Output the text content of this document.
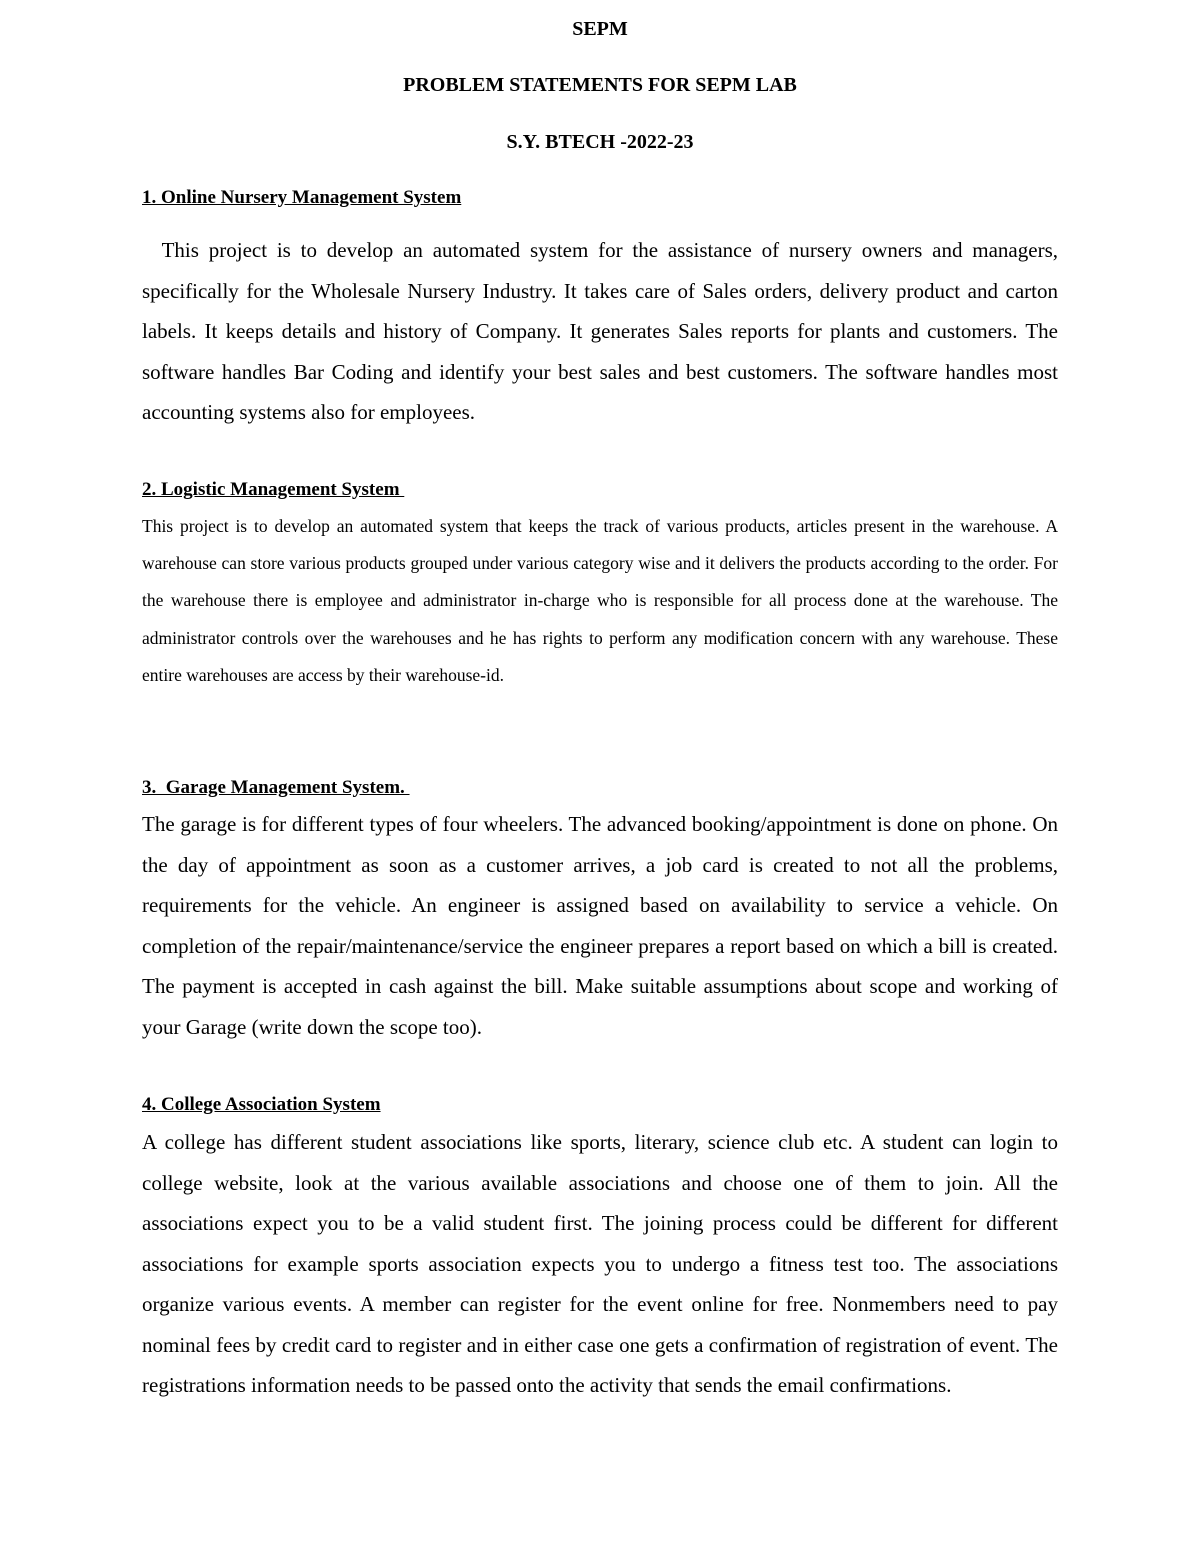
SEPM

PROBLEM STATEMENTS FOR SEPM LAB

S.Y. BTECH -2022-23

1. Online Nursery Management System

This project is to develop an automated system for the assistance of nursery owners and managers, specifically for the Wholesale Nursery Industry. It takes care of Sales orders, delivery product and carton labels. It keeps details and history of Company. It generates Sales reports for plants and customers. The software handles Bar Coding and identify your best sales and best customers. The software handles most accounting systems also for employees.

2. Logistic Management System

This project is to develop an automated system that keeps the track of various products, articles present in the warehouse. A warehouse can store various products grouped under various category wise and it delivers the products according to the order. For the warehouse there is employee and administrator in-charge who is responsible for all process done at the warehouse. The administrator controls over the warehouses and he has rights to perform any modification concern with any warehouse. These entire warehouses are access by their warehouse-id.

3.  Garage Management System.

The garage is for different types of four wheelers. The advanced booking/appointment is done on phone. On the day of appointment as soon as a customer arrives, a job card is created to not all the problems, requirements for the vehicle. An engineer is assigned based on availability to service a vehicle. On completion of the repair/maintenance/service the engineer prepares a report based on which a bill is created. The payment is accepted in cash against the bill. Make suitable assumptions about scope and working of your Garage (write down the scope too).

4. College Association System

A college has different student associations like sports, literary, science club etc. A student can login to college website, look at the various available associations and choose one of them to join. All the associations expect you to be a valid student first. The joining process could be different for different associations for example sports association expects you to undergo a fitness test too. The associations organize various events. A member can register for the event online for free. Nonmembers need to pay nominal fees by credit card to register and in either case one gets a confirmation of registration of event. The registrations information needs to be passed onto the activity that sends the email confirmations.
